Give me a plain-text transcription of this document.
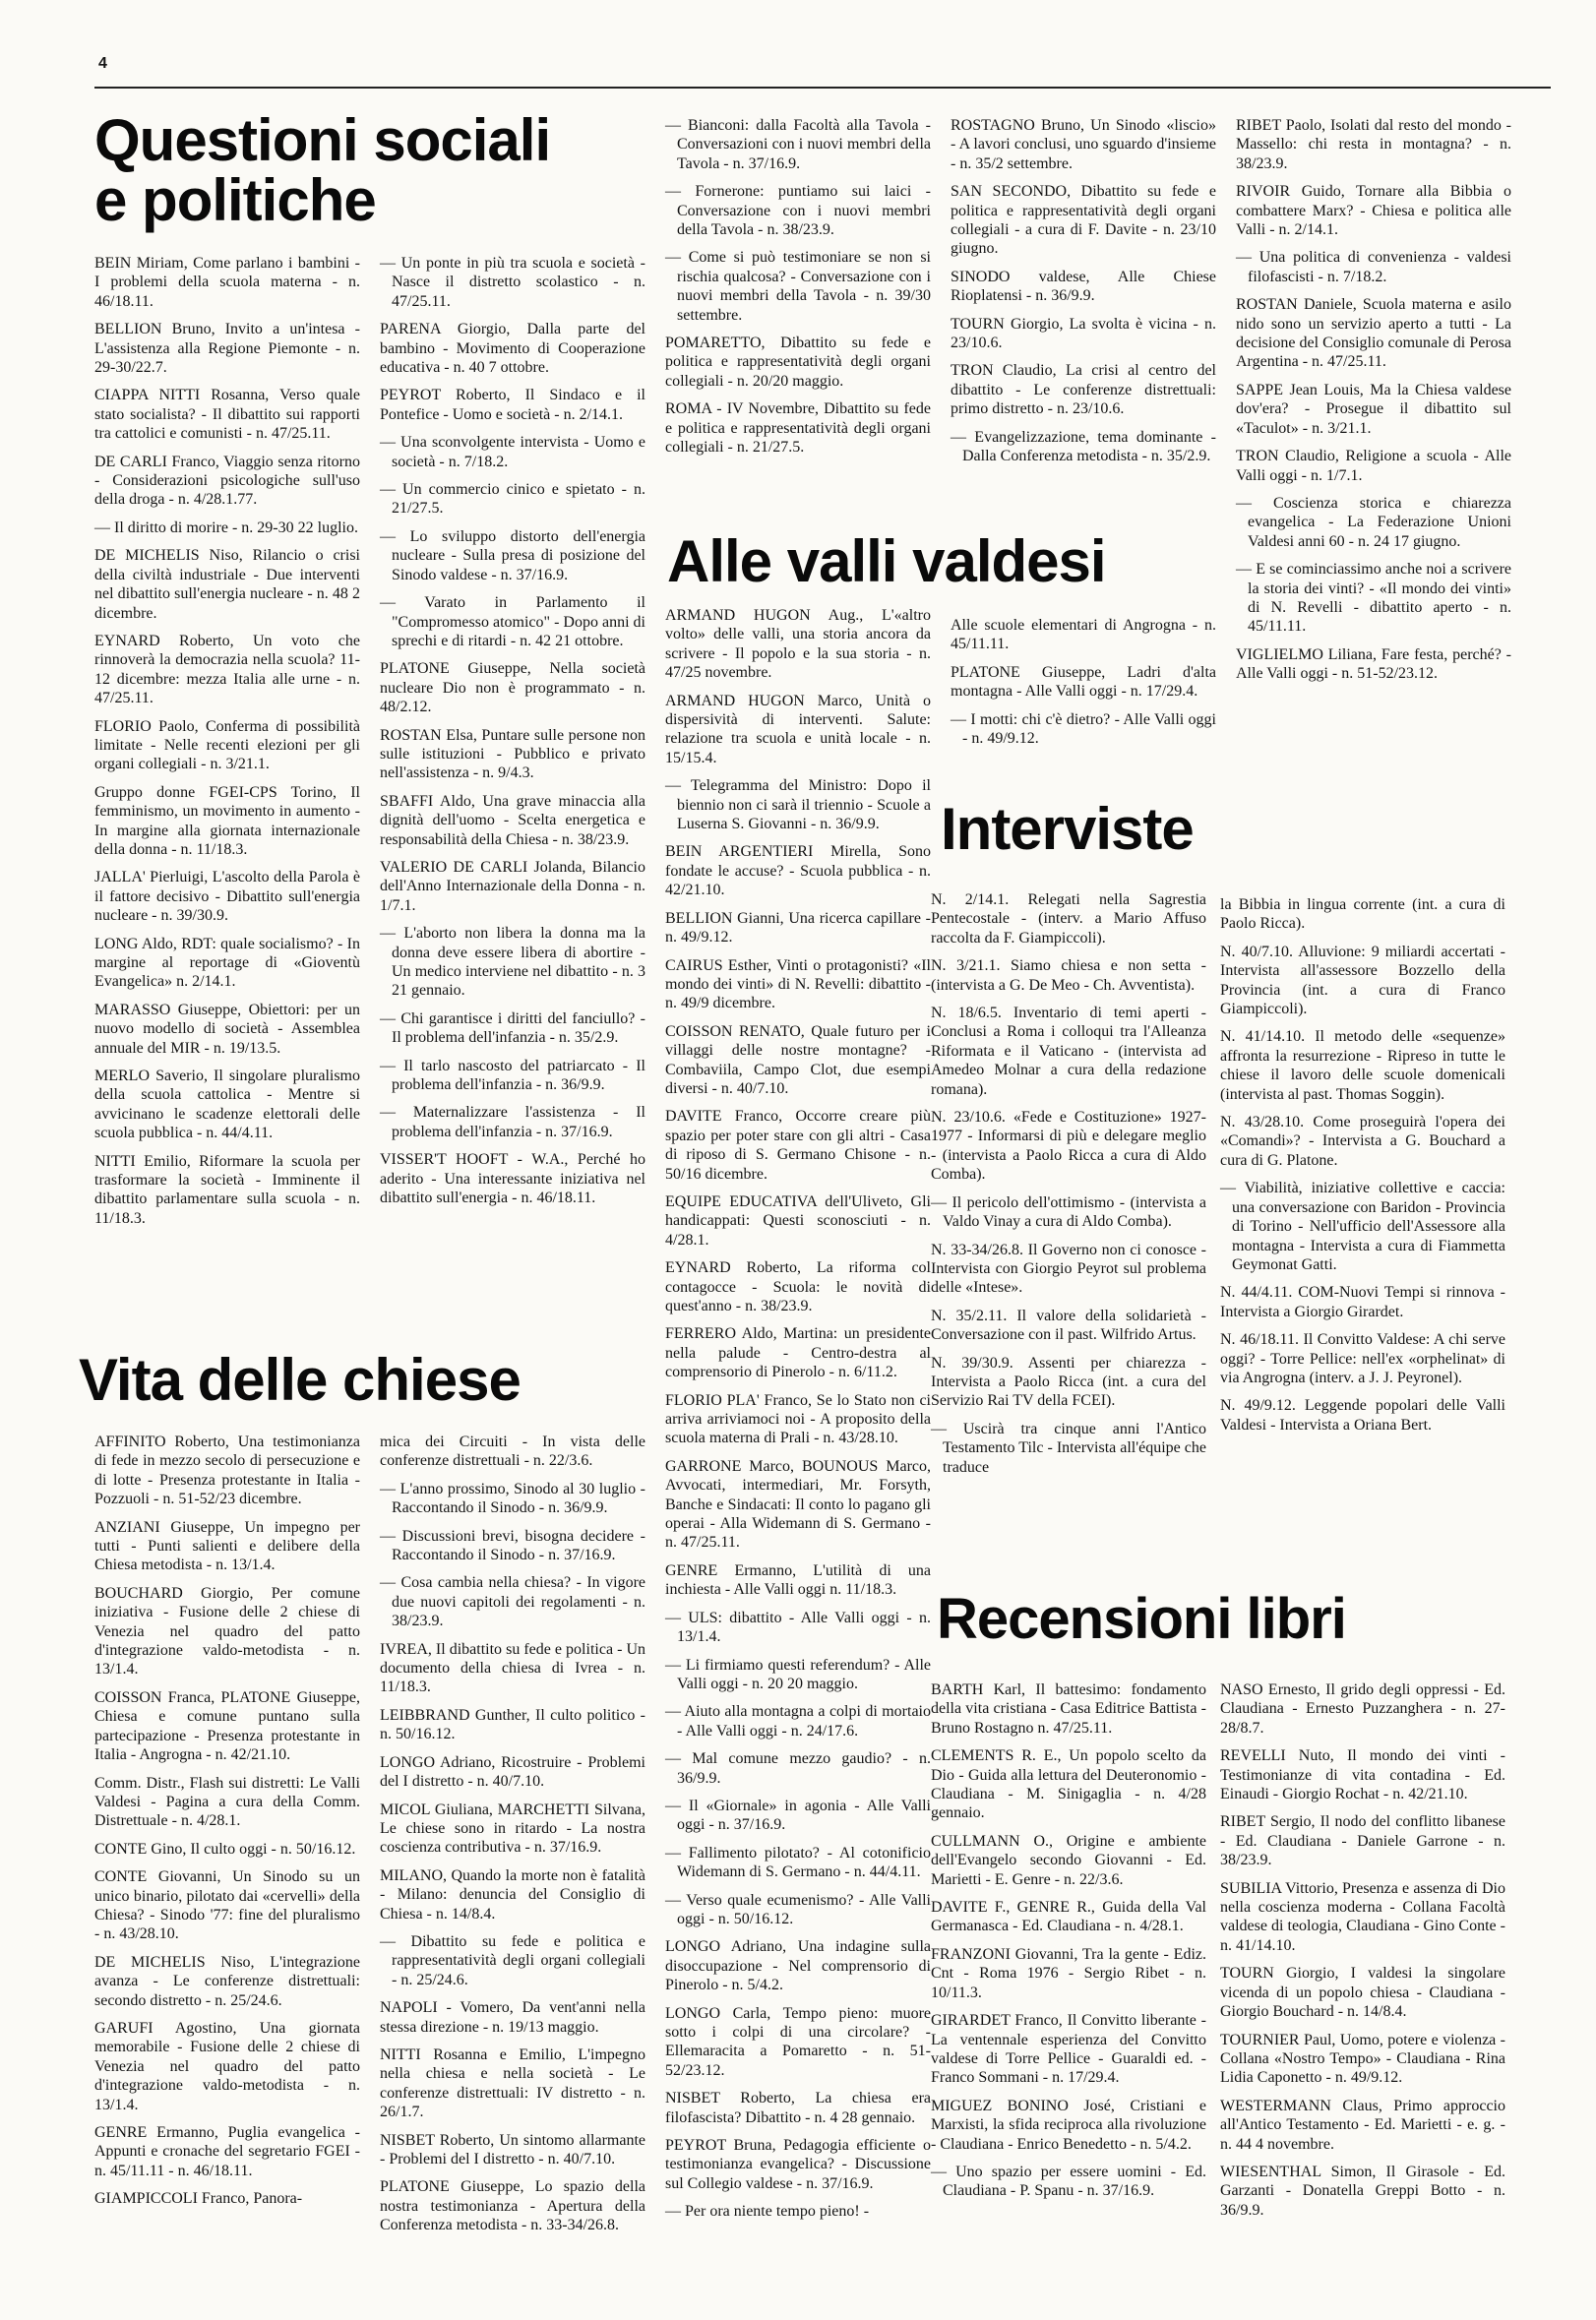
4
Questioni sociali
e politiche
BEIN Miriam, Come parlano i bambini - I problemi della scuola materna - n. 46/18.11.
BELLION Bruno, Invito a un'intesa - L'assistenza alla Regione Piemonte - n. 29-30/22.7.
CIAPPA NITTI Rosanna, Verso quale stato socialista? - Il dibattito sui rapporti tra cattolici e comunisti - n. 47/25.11.
DE CARLI Franco, Viaggio senza ritorno - Considerazioni psicologiche sull'uso della droga - n. 4/28.1.77.
— Il diritto di morire - n. 29-30 22 luglio.
DE MICHELIS Niso, Rilancio o crisi della civiltà industriale - Due interventi nel dibattito sull'energia nucleare - n. 48 2 dicembre.
EYNARD Roberto, Un voto che rinnoverà la democrazia nella scuola? 11-12 dicembre: mezza Italia alle urne - n. 47/25.11.
FLORIO Paolo, Conferma di possibilità limitate - Nelle recenti elezioni per gli organi collegiali - n. 3/21.1.
Gruppo donne FGEI-CPS Torino, Il femminismo, un movimento in aumento - In margine alla giornata internazionale della donna - n. 11/18.3.
JALLA' Pierluigi, L'ascolto della Parola è il fattore decisivo - Dibattito sull'energia nucleare - n. 39/30.9.
LONG Aldo, RDT: quale socialismo? - In margine al reportage di «Gioventù Evangelica» n. 2/14.1.
MARASSO Giuseppe, Obiettori: per un nuovo modello di società - Assemblea annuale del MIR - n. 19/13.5.
MERLO Saverio, Il singolare pluralismo della scuola cattolica - Mentre si avvicinano le scadenze elettorali delle scuola pubblica - n. 44/4.11.
NITTI Emilio, Riformare la scuola per trasformare la società - Imminente il dibattito parlamentare sulla scuola - n. 11/18.3.
— Un ponte in più tra scuola e società - Nasce il distretto scolastico - n. 47/25.11.
PARENA Giorgio, Dalla parte del bambino - Movimento di Cooperazione educativa - n. 40 7 ottobre.
PEYROT Roberto, Il Sindaco e il Pontefice - Uomo e società - n. 2/14.1.
— Una sconvolgente intervista - Uomo e società - n. 7/18.2.
— Un commercio cinico e spietato - n. 21/27.5.
— Lo sviluppo distorto dell'energia nucleare - Sulla presa di posizione del Sinodo valdese - n. 37/16.9.
— Varato in Parlamento il "Compromesso atomico" - Dopo anni di sprechi e di ritardi - n. 42 21 ottobre.
PLATONE Giuseppe, Nella società nucleare Dio non è programmato - n. 48/2.12.
ROSTAN Elsa, Puntare sulle persone non sulle istituzioni - Pubblico e privato nell'assistenza - n. 9/4.3.
SBAFFI Aldo, Una grave minaccia alla dignità dell'uomo - Scelta energetica e responsabilità della Chiesa - n. 38/23.9.
VALERIO DE CARLI Jolanda, Bilancio dell'Anno Internazionale della Donna - n. 1/7.1.
— L'aborto non libera la donna ma la donna deve essere libera di abortire - Un medico interviene nel dibattito - n. 3 21 gennaio.
— Chi garantisce i diritti del fanciullo? - Il problema dell'infanzia - n. 35/2.9.
— Il tarlo nascosto del patriarcato - Il problema dell'infanzia - n. 36/9.9.
— Maternalizzare l'assistenza - Il problema dell'infanzia - n. 37/16.9.
VISSER'T HOOFT - W.A., Perché ho aderito - Una interessante iniziativa nel dibattito sull'energia - n. 46/18.11.
— Bianconi: dalla Facoltà alla Tavola - Conversazioni con i nuovi membri della Tavola - n. 37/16.9.
— Fornerone: puntiamo sui laici - Conversazione con i nuovi membri della Tavola - n. 38/23.9.
— Come si può testimoniare se non si rischia qualcosa? - Conversazione con i nuovi membri della Tavola - n. 39/30 settembre.
POMARETTO, Dibattito su fede e politica e rappresentatività degli organi collegiali - n. 20/20 maggio.
ROMA - IV Novembre, Dibattito su fede e politica e rappresentatività degli organi collegiali - n. 21/27.5.
ROSTAGNO Bruno, Un Sinodo «liscio» - A lavori conclusi, uno sguardo d'insieme - n. 35/2 settembre.
SAN SECONDO, Dibattito su fede e politica e rappresentatività degli organi collegiali - a cura di F. Davite - n. 23/10 giugno.
SINODO valdese, Alle Chiese Rioplatensi - n. 36/9.9.
TOURN Giorgio, La svolta è vicina - n. 23/10.6.
TRON Claudio, La crisi al centro del dibattito - Le conferenze distrettuali: primo distretto - n. 23/10.6.
— Evangelizzazione, tema dominante - Dalla Conferenza metodista - n. 35/2.9.
RIBET Paolo, Isolati dal resto del mondo - Massello: chi resta in montagna? - n. 38/23.9.
RIVOIR Guido, Tornare alla Bibbia o combattere Marx? - Chiesa e politica alle Valli - n. 2/14.1.
— Una politica di convenienza - valdesi filofascisti - n. 7/18.2.
ROSTAN Daniele, Scuola materna e asilo nido sono un servizio aperto a tutti - La decisione del Consiglio comunale di Perosa Argentina - n. 47/25.11.
SAPPE Jean Louis, Ma la Chiesa valdese dov'era? - Prosegue il dibattito sul «Taculot» - n. 3/21.1.
TRON Claudio, Religione a scuola - Alle Valli oggi - n. 1/7.1.
— Coscienza storica e chiarezza evangelica - La Federazione Unioni Valdesi anni 60 - n. 24 17 giugno.
— E se cominciassimo anche noi a scrivere la storia dei vinti? - «Il mondo dei vinti» di N. Revelli - dibattito aperto - n. 45/11.11.
VIGLIELMO Liliana, Fare festa, perché? - Alle Valli oggi - n. 51-52/23.12.
Alle valli valdesi
ARMAND HUGON Aug., L'«altro volto» delle valli, una storia ancora da scrivere - Il popolo e la sua storia - n. 47/25 novembre.
ARMAND HUGON Marco, Unità o dispersività di interventi. Salute: relazione tra scuola e unità locale - n. 15/15.4.
— Telegramma del Ministro: Dopo il biennio non ci sarà il triennio - Scuole a Luserna S. Giovanni - n. 36/9.9.
BEIN ARGENTIERI Mirella, Sono fondate le accuse? - Scuola pubblica - n. 42/21.10.
BELLION Gianni, Una ricerca capillare - n. 49/9.12.
CAIRUS Esther, Vinti o protagonisti? «Il mondo dei vinti» di N. Revelli: dibattito - n. 49/9 dicembre.
COISSON RENATO, Quale futuro per i villaggi delle nostre montagne? - Combaviila, Campo Clot, due esempi diversi - n. 40/7.10.
DAVITE Franco, Occorre creare più spazio per poter stare con gli altri - Casa di riposo di S. Germano Chisone - n. 50/16 dicembre.
EQUIPE EDUCATIVA dell'Uliveto, Gli handicappati: Questi sconosciuti - n. 4/28.1.
EYNARD Roberto, La riforma col contagocce - Scuola: le novità di quest'anno - n. 38/23.9.
FERRERO Aldo, Martina: un presidente nella palude - Centro-destra al comprensorio di Pinerolo - n. 6/11.2.
FLORIO PLA' Franco, Se lo Stato non ci arriva arriviamoci noi - A proposito della scuola materna di Prali - n. 43/28.10.
GARRONE Marco, BOUNOUS Marco, Avvocati, intermediari, Mr. Forsyth, Banche e Sindacati: Il conto lo pagano gli operai - Alla Widemann di S. Germano - n. 47/25.11.
GENRE Ermanno, L'utilità di una inchiesta - Alle Valli oggi n. 11/18.3.
— ULS: dibattito - Alle Valli oggi - n. 13/1.4.
— Li firmiamo questi referendum? - Alle Valli oggi - n. 20 20 maggio.
— Aiuto alla montagna a colpi di mortaio - Alle Valli oggi - n. 24/17.6.
— Mal comune mezzo gaudio? - n. 36/9.9.
— Il «Giornale» in agonia - Alle Valli oggi - n. 37/16.9.
— Fallimento pilotato? - Al cotonificio Widemann di S. Germano - n. 44/4.11.
— Verso quale ecumenismo? - Alle Valli oggi - n. 50/16.12.
LONGO Adriano, Una indagine sulla disoccupazione - Nel comprensorio di Pinerolo - n. 5/4.2.
LONGO Carla, Tempo pieno: muore sotto i colpi di una circolare? - Ellemaracita a Pomaretto - n. 51-52/23.12.
NISBET Roberto, La chiesa era filofascista? Dibattito - n. 4 28 gennaio.
PEYROT Bruna, Pedagogia efficiente o testimonianza evangelica? - Discussione sul Collegio valdese - n. 37/16.9.
— Per ora niente tempo pieno! -
Alle scuole elementari di Angrogna - n. 45/11.11.
PLATONE Giuseppe, Ladri d'alta montagna - Alle Valli oggi - n. 17/29.4.
— I motti: chi c'è dietro? - Alle Valli oggi - n. 49/9.12.
Vita delle chiese
AFFINITO Roberto, Una testimonianza di fede in mezzo secolo di persecuzione e di lotte - Presenza protestante in Italia - Pozzuoli - n. 51-52/23 dicembre.
ANZIANI Giuseppe, Un impegno per tutti - Punti salienti e delibere della Chiesa metodista - n. 13/1.4.
BOUCHARD Giorgio, Per comune iniziativa - Fusione delle 2 chiese di Venezia nel quadro del patto d'integrazione valdo-metodista - n. 13/1.4.
COISSON Franca, PLATONE Giuseppe, Chiesa e comune puntano sulla partecipazione - Presenza protestante in Italia - Angrogna - n. 42/21.10.
Comm. Distr., Flash sui distretti: Le Valli Valdesi - Pagina a cura della Comm. Distrettuale - n. 4/28.1.
CONTE Gino, Il culto oggi - n. 50/16.12.
CONTE Giovanni, Un Sinodo su un unico binario, pilotato dai «cervelli» della Chiesa? - Sinodo '77: fine del pluralismo - n. 43/28.10.
DE MICHELIS Niso, L'integrazione avanza - Le conferenze distrettuali: secondo distretto - n. 25/24.6.
GARUFI Agostino, Una giornata memorabile - Fusione delle 2 chiese di Venezia nel quadro del patto d'integrazione valdo-metodista - n. 13/1.4.
GENRE Ermanno, Puglia evangelica - Appunti e cronache del segretario FGEI - n. 45/11.11 - n. 46/18.11.
GIAMPICCOLI Franco, Panora-
mica dei Circuiti - In vista delle conferenze distrettuali - n. 22/3.6.
— L'anno prossimo, Sinodo al 30 luglio - Raccontando il Sinodo - n. 36/9.9.
— Discussioni brevi, bisogna decidere - Raccontando il Sinodo - n. 37/16.9.
— Cosa cambia nella chiesa? - In vigore due nuovi capitoli dei regolamenti - n. 38/23.9.
IVREA, Il dibattito su fede e politica - Un documento della chiesa di Ivrea - n. 11/18.3.
LEIBBRAND Gunther, Il culto politico - n. 50/16.12.
LONGO Adriano, Ricostruire - Problemi del I distretto - n. 40/7.10.
MICOL Giuliana, MARCHETTI Silvana, Le chiese sono in ritardo - La nostra coscienza contributiva - n. 37/16.9.
MILANO, Quando la morte non è fatalità - Milano: denuncia del Consiglio di Chiesa - n. 14/8.4.
— Dibattito su fede e politica e rappresentatività degli organi collegiali - n. 25/24.6.
NAPOLI - Vomero, Da vent'anni nella stessa direzione - n. 19/13 maggio.
NITTI Rosanna e Emilio, L'impegno nella chiesa e nella società - Le conferenze distrettuali: IV distretto - n. 26/1.7.
NISBET Roberto, Un sintomo allarmante - Problemi del I distretto - n. 40/7.10.
PLATONE Giuseppe, Lo spazio della nostra testimonianza - Apertura della Conferenza metodista - n. 33-34/26.8.
Interviste
N. 2/14.1. Relegati nella Sagrestia Pentecostale - (interv. a Mario Affuso raccolta da F. Giampiccoli).
N. 3/21.1. Siamo chiesa e non setta - (intervista a G. De Meo - Ch. Avventista).
N. 18/6.5. Inventario di temi aperti - Conclusi a Roma i colloqui tra l'Alleanza Riformata e il Vaticano - (intervista ad Amedeo Molnar a cura della redazione romana).
N. 23/10.6. «Fede e Costituzione» 1927-1977 - Informarsi di più e delegare meglio - (intervista a Paolo Ricca a cura di Aldo Comba).
— Il pericolo dell'ottimismo - (intervista a Valdo Vinay a cura di Aldo Comba).
N. 33-34/26.8. Il Governo non ci conosce - Intervista con Giorgio Peyrot sul problema delle «Intese».
N. 35/2.11. Il valore della solidarietà - Conversazione con il past. Wilfrido Artus.
N. 39/30.9. Assenti per chiarezza - Intervista a Paolo Ricca (int. a cura del Servizio Rai TV della FCEI).
— Uscirà tra cinque anni l'Antico Testamento Tilc - Intervista all'équipe che traduce
la Bibbia in lingua corrente (int. a cura di Paolo Ricca).
N. 40/7.10. Alluvione: 9 miliardi accertati - Intervista all'assessore Bozzello della Provincia (int. a cura di Franco Giampiccoli).
N. 41/14.10. Il metodo delle «sequenze» affronta la resurrezione - Ripreso in tutte le chiese il lavoro delle scuole domenicali (intervista al past. Thomas Soggin).
N. 43/28.10. Come proseguirà l'opera dei «Comandi»? - Intervista a G. Bouchard a cura di G. Platone.
— Viabilità, iniziative collettive e caccia: una conversazione con Baridon - Provincia di Torino - Nell'ufficio dell'Assessore alla montagna - Intervista a cura di Fiammetta Geymonat Gatti.
N. 44/4.11. COM-Nuovi Tempi si rinnova - Intervista a Giorgio Girardet.
N. 46/18.11. Il Convitto Valdese: A chi serve oggi? - Torre Pellice: nell'ex «orphelinat» di via Angrogna (interv. a J. J. Peyronel).
N. 49/9.12. Leggende popolari delle Valli Valdesi - Intervista a Oriana Bert.
Recensioni libri
BARTH Karl, Il battesimo: fondamento della vita cristiana - Casa Editrice Battista - Bruno Rostagno n. 47/25.11.
CLEMENTS R. E., Un popolo scelto da Dio - Guida alla lettura del Deuteronomio - Claudiana - M. Sinigaglia - n. 4/28 gennaio.
CULLMANN O., Origine e ambiente dell'Evangelo secondo Giovanni - Ed. Marietti - E. Genre - n. 22/3.6.
DAVITE F., GENRE R., Guida della Val Germanasca - Ed. Claudiana - n. 4/28.1.
FRANZONI Giovanni, Tra la gente - Ediz. Cnt - Roma 1976 - Sergio Ribet - n. 10/11.3.
GIRARDET Franco, Il Convitto liberante - La ventennale esperienza del Convitto valdese di Torre Pellice - Guaraldi ed. - Franco Sommani - n. 17/29.4.
MIGUEZ BONINO José, Cristiani e Marxisti, la sfida reciproca alla rivoluzione - Claudiana - Enrico Benedetto - n. 5/4.2.
— Uno spazio per essere uomini - Ed. Claudiana - P. Spanu - n. 37/16.9.
NASO Ernesto, Il grido degli oppressi - Ed. Claudiana - Ernesto Puzzanghera - n. 27-28/8.7.
REVELLI Nuto, Il mondo dei vinti - Testimonianze di vita contadina - Ed. Einaudi - Giorgio Rochat - n. 42/21.10.
RIBET Sergio, Il nodo del conflitto libanese - Ed. Claudiana - Daniele Garrone - n. 38/23.9.
SUBILIA Vittorio, Presenza e assenza di Dio nella coscienza moderna - Collana Facoltà valdese di teologia, Claudiana - Gino Conte - n. 41/14.10.
TOURN Giorgio, I valdesi la singolare vicenda di un popolo chiesa - Claudiana - Giorgio Bouchard - n. 14/8.4.
TOURNIER Paul, Uomo, potere e violenza - Collana «Nostro Tempo» - Claudiana - Rina Lidia Caponetto - n. 49/9.12.
WESTERMANN Claus, Primo approccio all'Antico Testamento - Ed. Marietti - e. g. - n. 44 4 novembre.
WIESENTHAL Simon, Il Girasole - Ed. Garzanti - Donatella Greppi Botto - n. 36/9.9.
